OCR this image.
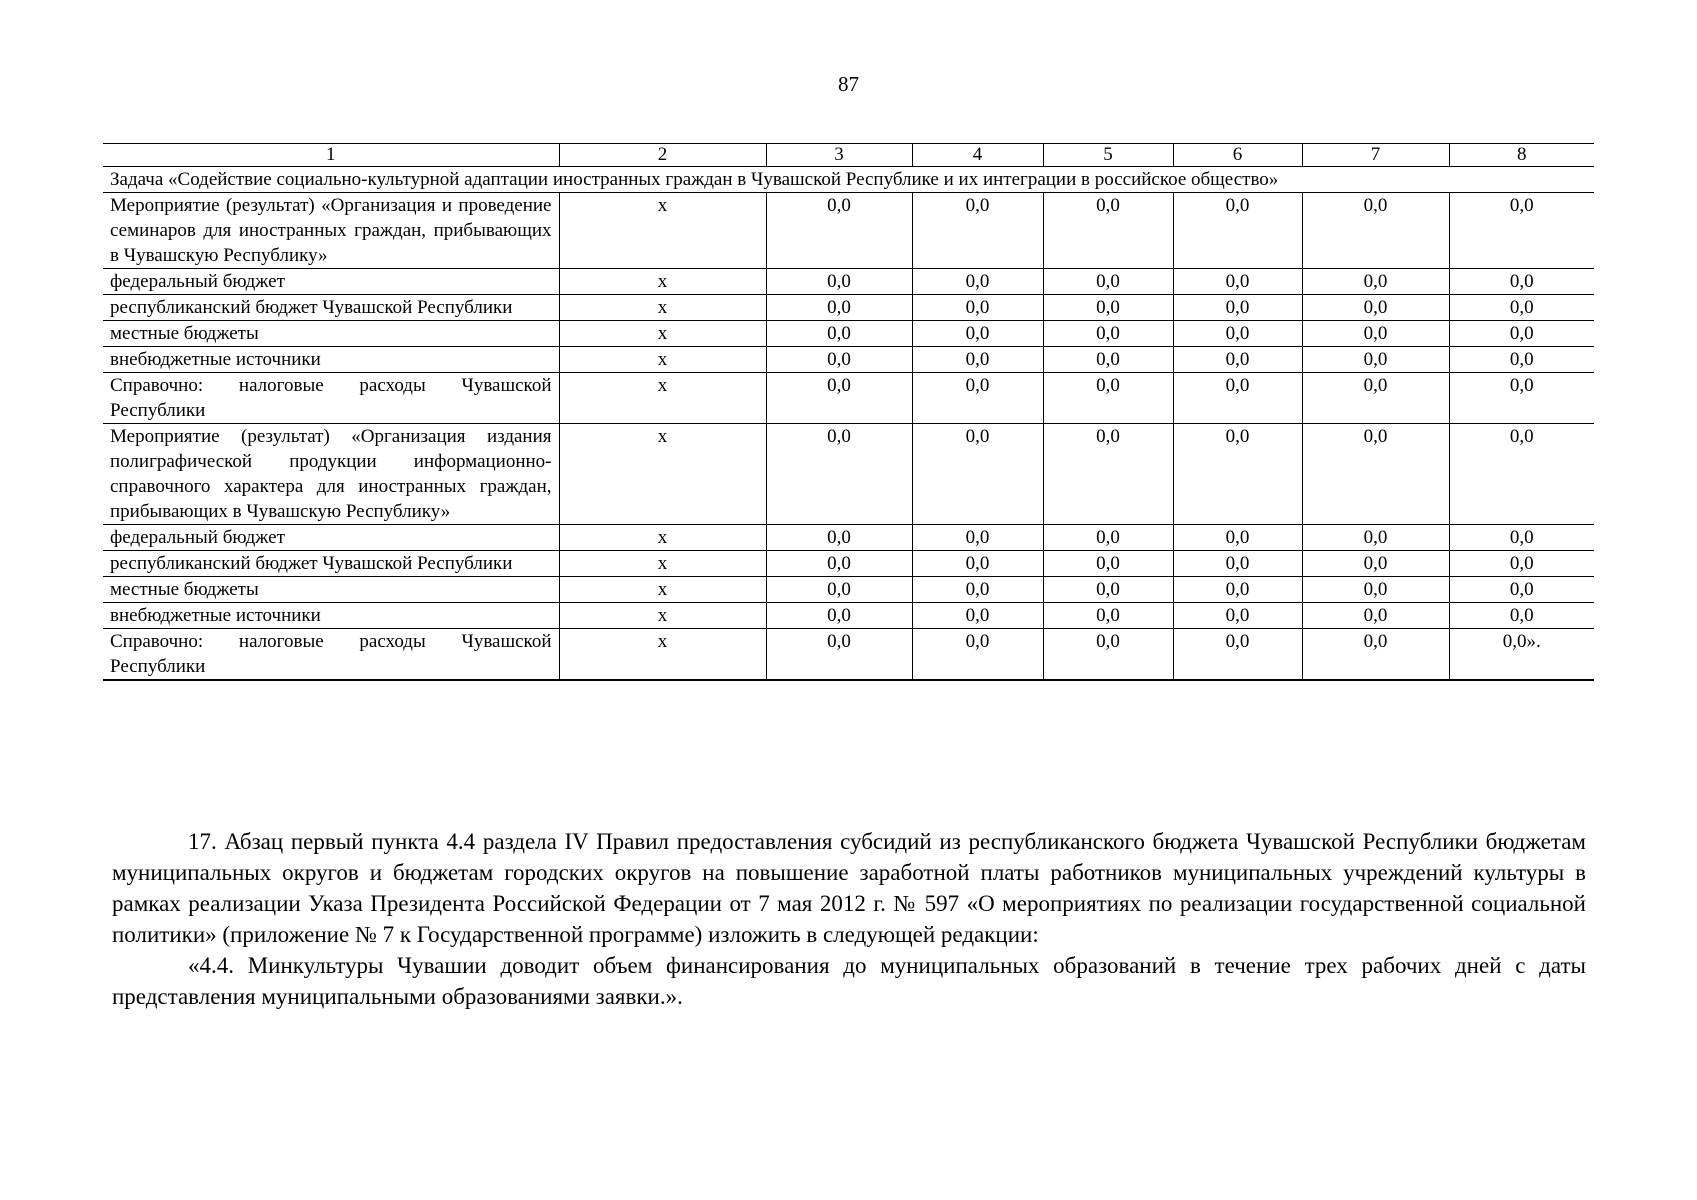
87
1	2	3	4	5	6	7	8
Задача «Содействие социально-культурной адаптации иностранных граждан в Чувашской Республике и их интеграции в российское общество»							
Мероприятие (результат) «Организация и проведение семинаров для иностранных граждан, прибывающих в Чувашскую Республику»	x	0,0	0,0	0,0	0,0	0,0	0,0
федеральный бюджет	x	0,0	0,0	0,0	0,0	0,0	0,0
республиканский бюджет Чувашской Республики	x	0,0	0,0	0,0	0,0	0,0	0,0
местные бюджеты	x	0,0	0,0	0,0	0,0	0,0	0,0
внебюджетные источники	x	0,0	0,0	0,0	0,0	0,0	0,0
Справочно: налоговые расходы Чувашской Республики	x	0,0	0,0	0,0	0,0	0,0	0,0
Мероприятие (результат) «Организация издания полиграфической продукции информационно-справочного характера для иностранных граждан, прибывающих в Чувашскую Республику»	x	0,0	0,0	0,0	0,0	0,0	0,0
федеральный бюджет	x	0,0	0,0	0,0	0,0	0,0	0,0
республиканский бюджет Чувашской Республики	x	0,0	0,0	0,0	0,0	0,0	0,0
местные бюджеты	x	0,0	0,0	0,0	0,0	0,0	0,0
внебюджетные источники	x	0,0	0,0	0,0	0,0	0,0	0,0
Справочно: налоговые расходы Чувашской Республики	x	0,0	0,0	0,0	0,0	0,0	0,0».

17. Абзац первый пункта 4.4 раздела IV Правил предоставления субсидий из республиканского бюджета Чувашской Республики бюджетам муниципальных округов и бюджетам городских округов на повышение заработной платы работников муниципальных учреждений культуры в рамках реализации Указа Президента Российской Федерации от 7 мая 2012 г. № 597 «О мероприятиях по реализации государственной социальной политики» (приложение № 7 к Государственной программе) изложить в следующей редакции:

«4.4. Минкультуры Чувашии доводит объем финансирования до муниципальных образований в течение трех рабочих дней с даты представления муниципальными образованиями заявки.».
